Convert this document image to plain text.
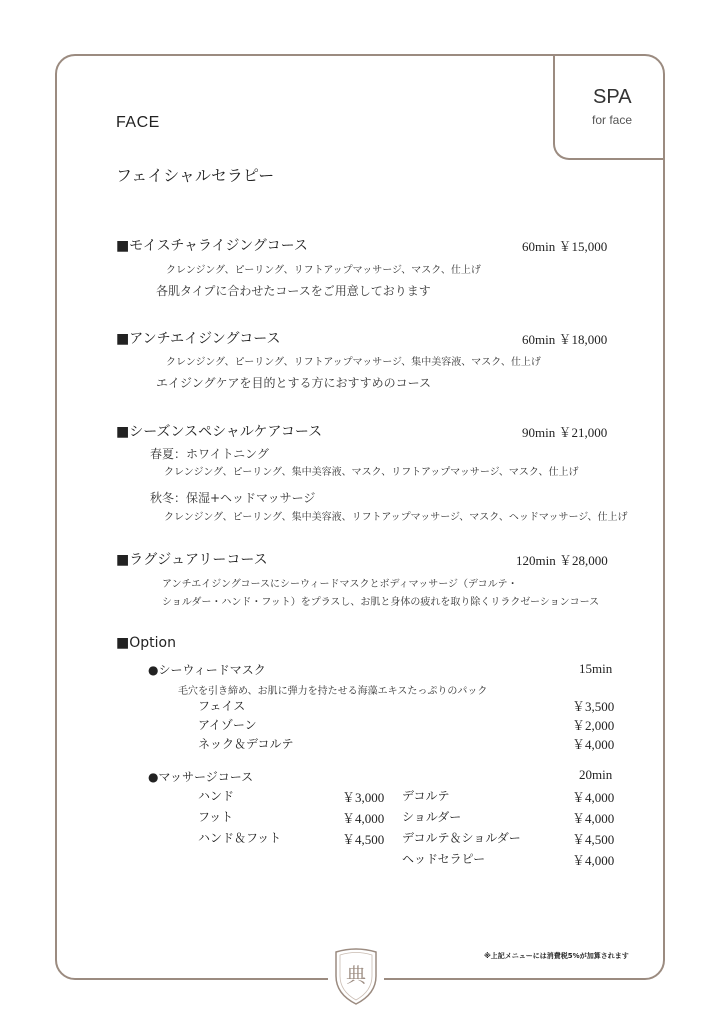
SPA
for face
FACE
フェイシャルセラピー
■モイスチャライジングコース	60min ￥15,000
クレンジング、ピーリング、リフトアップマッサージ、マスク、仕上げ
各肌タイプに合わせたコースをご用意しております
■アンチエイジングコース	60min ￥18,000
クレンジング、ピーリング、リフトアップマッサージ、集中美容液、マスク、仕上げ
エイジングケアを目的とする方におすすめのコース
■シーズンスペシャルケアコース	90min ￥21,000
春夏：ホワイトニング
クレンジング、ピーリング、集中美容液、マスク、リフトアップマッサージ、マスク、仕上げ
秋冬：保湿+ヘッドマッサージ
クレンジング、ピーリング、集中美容液、リフトアップマッサージ、マスク、ヘッドマッサージ、仕上げ
■ラグジュアリーコース	120min ￥28,000
アンチエイジングコースにシーウィードマスクとボディマッサージ（デコルテ・
ショルダー・ハンド・フット）をプラスし、お肌と身体の疲れを取り除くリラクゼーションコース
■Option
●シーウィードマスク	15min
毛穴を引き締め、お肌に弾力を持たせる海藻エキスたっぷりのパック
フェイス	￥3,500
アイゾーン	￥2,000
ネック＆デコルテ	￥4,000
●マッサージコース	20min
ハンド	￥3,000
フット	￥4,000
ハンド＆フット	￥4,500
デコルテ	￥4,000
ショルダー	￥4,000
デコルテ＆ショルダー	￥4,500
ヘッドセラピー	￥4,000
※上記メニューには消費税5%が加算されます
典
